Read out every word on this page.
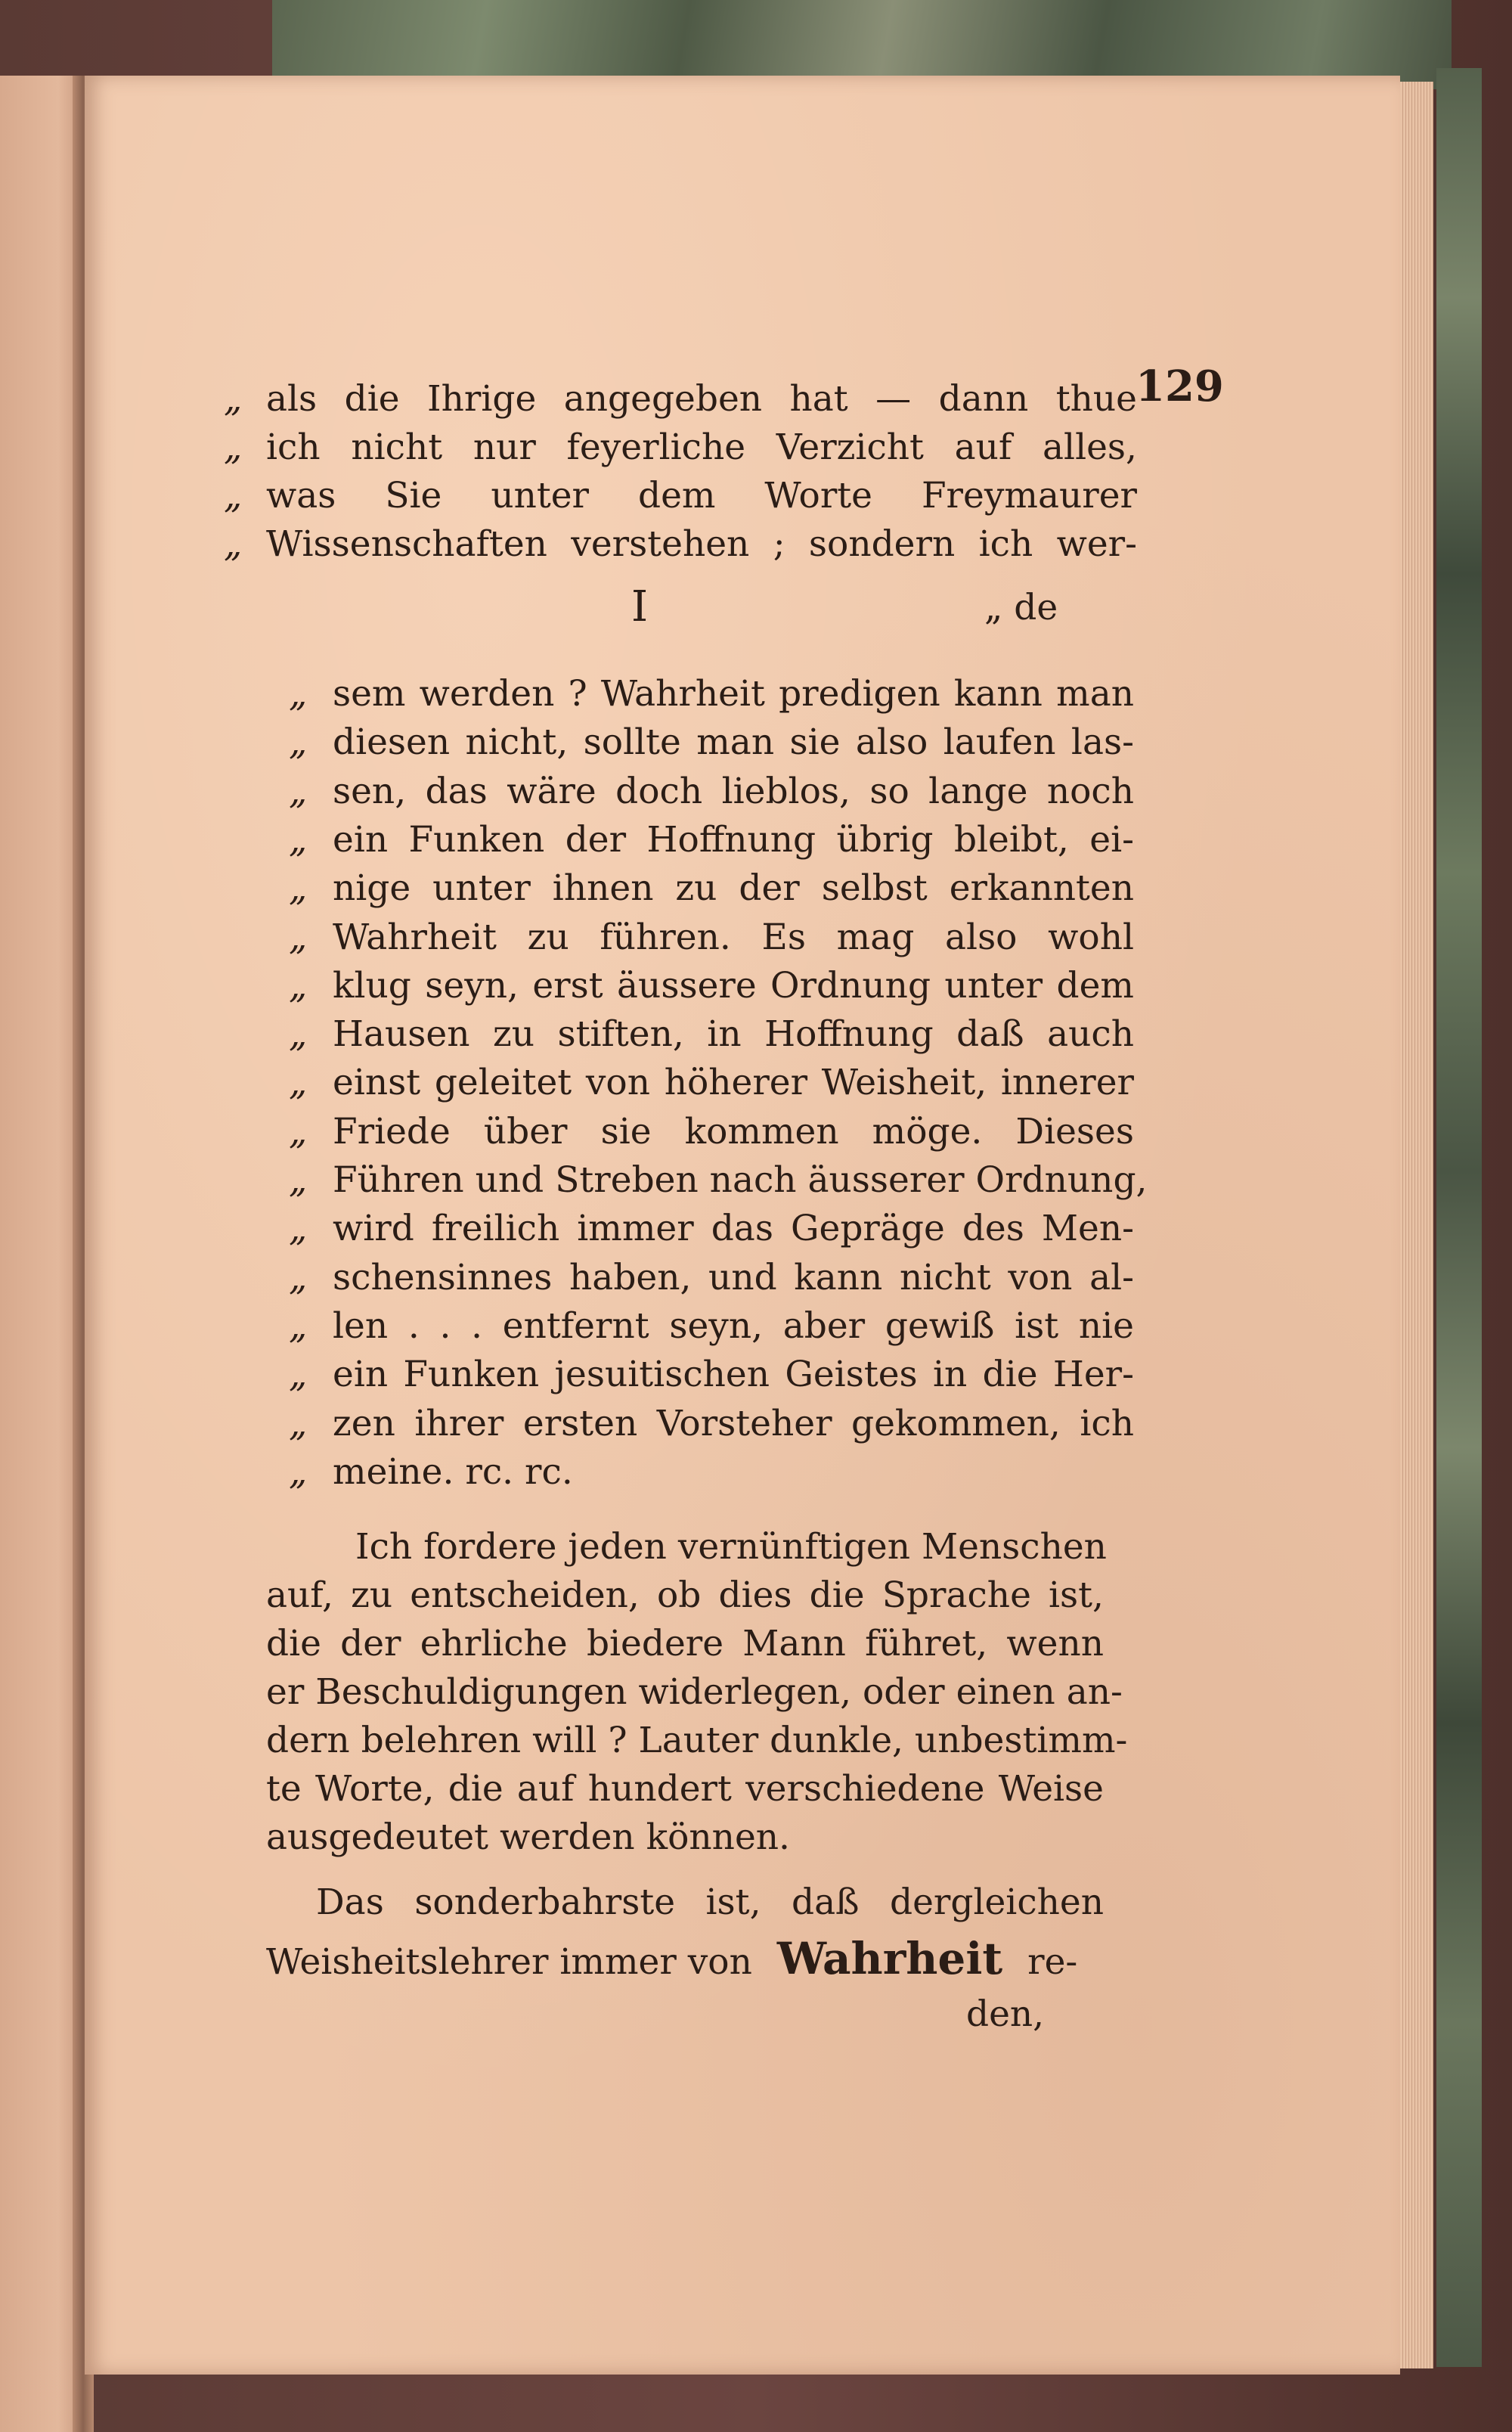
129
„ als die Ihrige angegeben hat — dann thue
„ ich nicht nur feyerliche Verzicht auf alles,
„ was Sie unter dem Worte Freymaurer
„ Wissenschaften verstehen ; sondern ich wer-
I	„ de
„ sem werden ? Wahrheit predigen kann man
„ diesen nicht, sollte man sie also laufen las-
„ sen, das wäre doch lieblos, so lange noch
„ ein Funken der Hoffnung übrig bleibt, ei-
„ nige unter ihnen zu der selbst erkannten
„ Wahrheit zu führen. Es mag also wohl
„ klug seyn, erst äussere Ordnung unter dem
„ Hausen zu stiften, in Hoffnung daß auch
„ einst geleitet von höherer Weisheit, innerer
„ Friede über sie kommen möge. Dieses
„ Führen und Streben nach äusserer Ordnung,
„ wird freilich immer das Gepräge des Men-
„ schensinnes haben, und kann nicht von al-
„ len . . . entfernt seyn, aber gewiß ist nie
„ ein Funken jesuitischen Geistes in die Her-
„ zen ihrer ersten Vorsteher gekommen, ich
„ meine. rc. rc.
Ich fordere jeden vernünftigen Menschen
auf, zu entscheiden, ob dies die Sprache ist,
die der ehrliche biedere Mann führet, wenn
er Beschuldigungen widerlegen, oder einen an-
dern belehren will ? Lauter dunkle, unbestimm-
te Worte, die auf hundert verschiedene Weise
ausgedeutet werden können.
Das sonderbahrste ist, daß dergleichen
Weisheitslehrer immer von Wahrheit re-
den,
